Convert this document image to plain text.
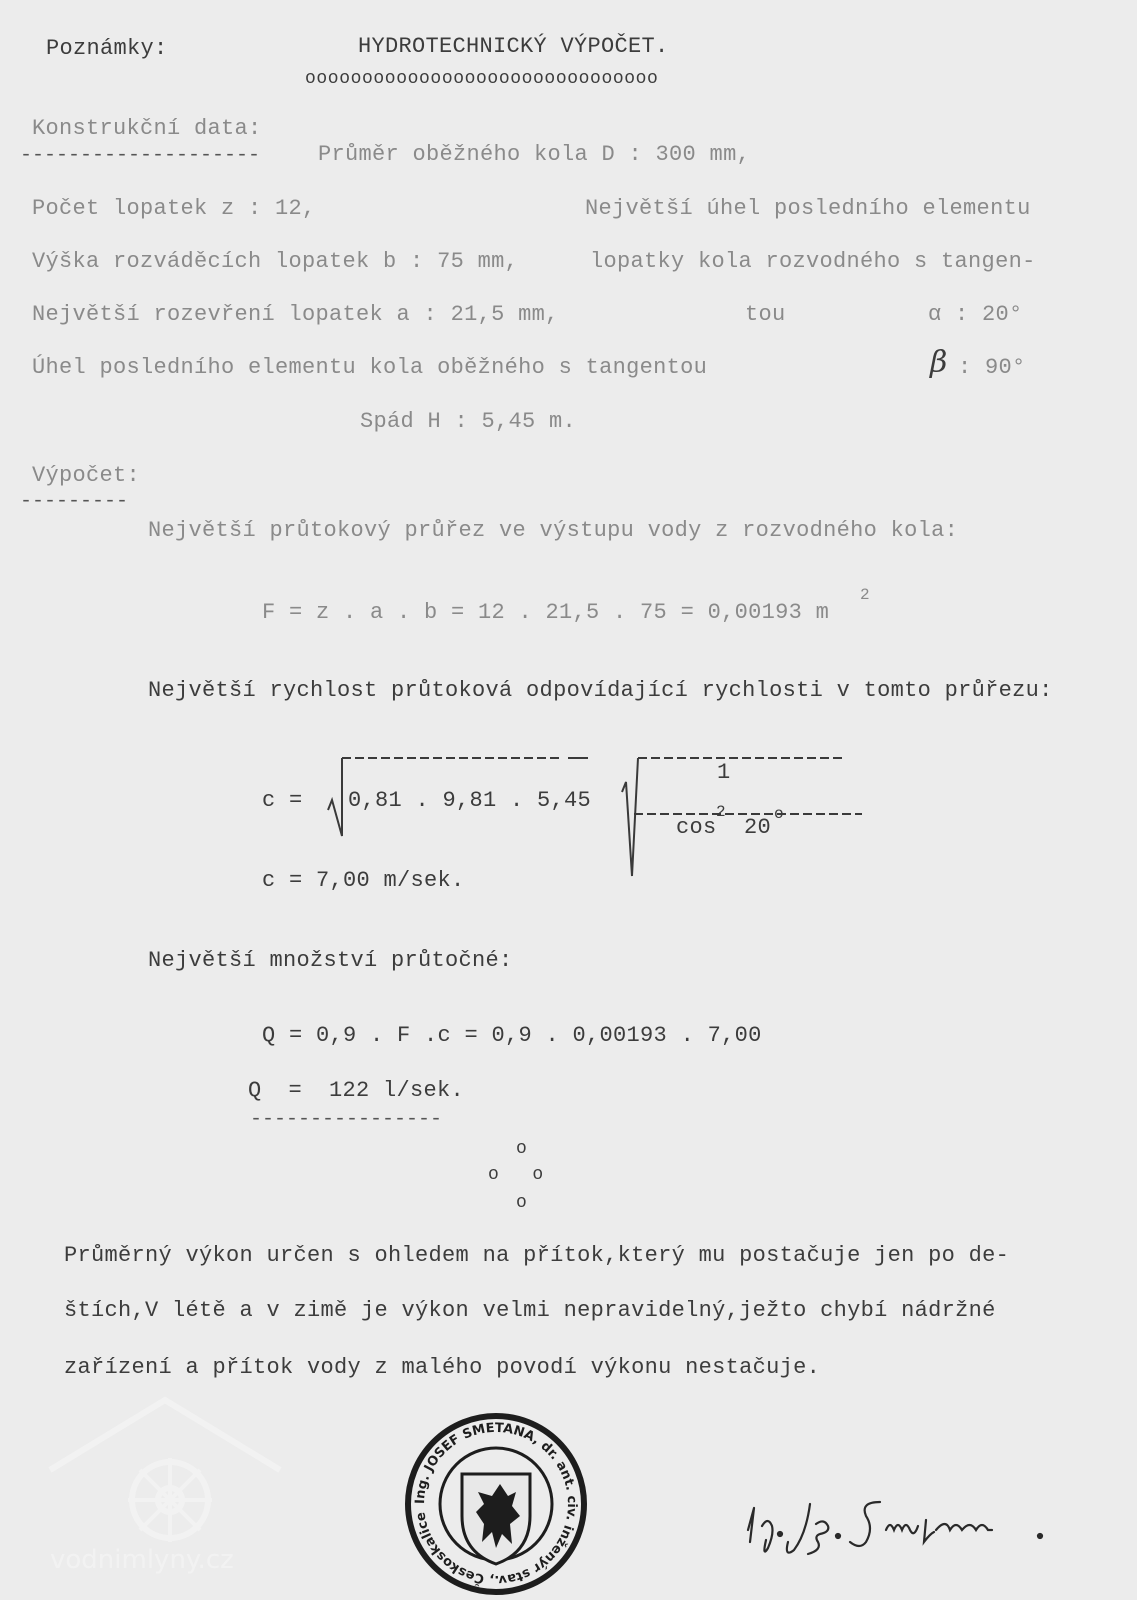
Poznámky:	HYDROTECHNICKÝ VÝPOČET.
ooooooooooooooooooooooooooooooo
Konstrukční data:
--------------------	Průměr oběžného kola D : 300 mm,
Počet lopatek z : 12,	Největší úhel posledního elementu
Výška rozváděcích lopatek b : 75 mm,	lopatky kola rozvodného s tangen-
Největší rozevření lopatek a : 21,5 mm,	tou	α : 20°
Úhel posledního elementu kola oběžného s tangentou	β : 90°
Spád H : 5,45 m.
Výpočet:
---------
Největší průtokový průřez ve výstupu vody z rozvodného kola:
F = z . a . b = 12 . 21,5 . 75 = 0,00193 m
2
Největší rychlost průtoková odpovídající rychlosti v tomto průřezu:
c = 0,81 . 9,81 . 5,45
1
cos
2
20
o
c = 7,00 m/sek.
Největší množství průtočné:
Q = 0,9 . F .c = 0,9 . 0,00193 . 7,00
Q  =  122 l/sek.
----------------
o
o   o
o
Průměrný výkon určen s ohledem na přítok,který mu postačuje jen po de-
štích,V létě a v zimě je výkon velmi nepravidelný,ježto chybí nádržné
zařízení a přítok vody z malého povodí výkonu nestačuje.
vodnimlyny.cz
Ing. JOSEF SMETANA, dr. ant. civ. inženýr stav., Českoskalice
